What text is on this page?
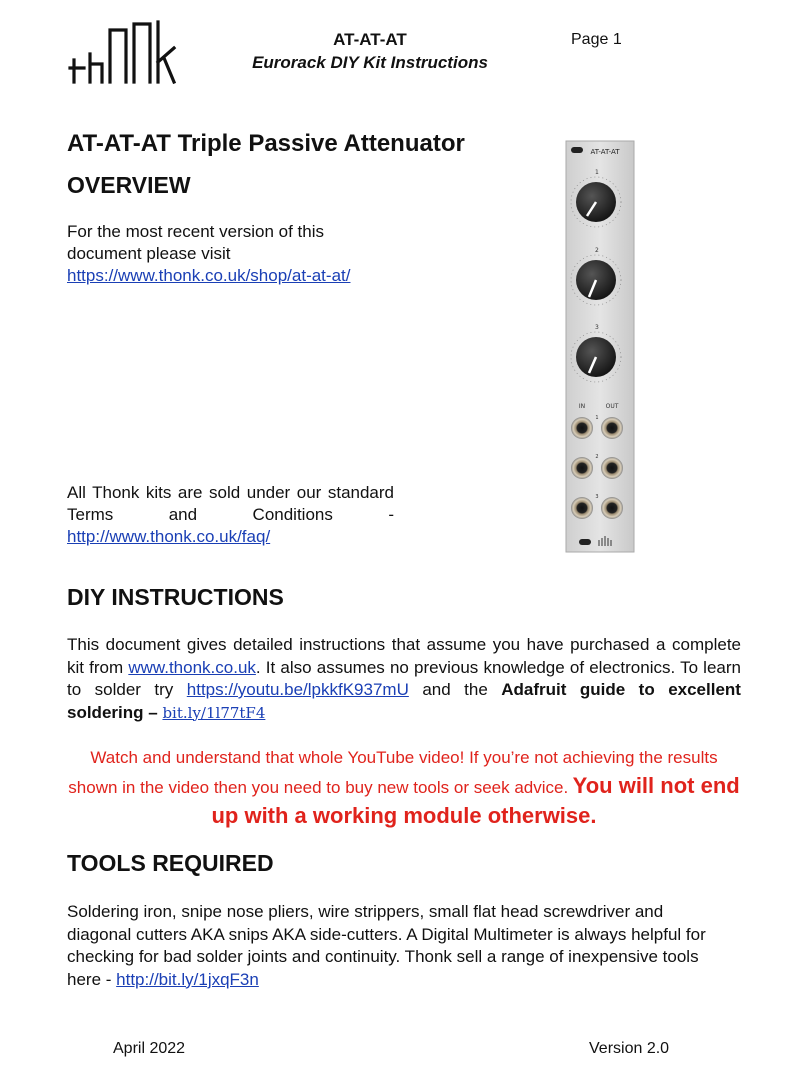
AT-AT-AT
Eurorack DIY Kit Instructions
Page 1
AT-AT-AT Triple Passive Attenuator
OVERVIEW
For the most recent version of this document please visit
https://www.thonk.co.uk/shop/at-at-at/
All Thonk kits are sold under our standard Terms and Conditions - http://www.thonk.co.uk/faq/
AT-AT-AT
1
2
3
IN	OUT
1
2
3
DIY INSTRUCTIONS
This document gives detailed instructions that assume you have purchased a complete kit from www.thonk.co.uk. It also assumes no previous knowledge of electronics. To learn to solder try https://youtu.be/lpkkfK937mU and the Adafruit guide to excellent soldering – bit.ly/1l77tF4
Watch and understand that whole YouTube video! If you’re not achieving the results shown in the video then you need to buy new tools or seek advice. You will not end up with a working module otherwise.
TOOLS REQUIRED
Soldering iron, snipe nose pliers, wire strippers, small flat head screwdriver and diagonal cutters AKA snips AKA side-cutters. A Digital Multimeter is always helpful for checking for bad solder joints and continuity. Thonk sell a range of inexpensive tools here - http://bit.ly/1jxqF3n
April 2022	Version 2.0
